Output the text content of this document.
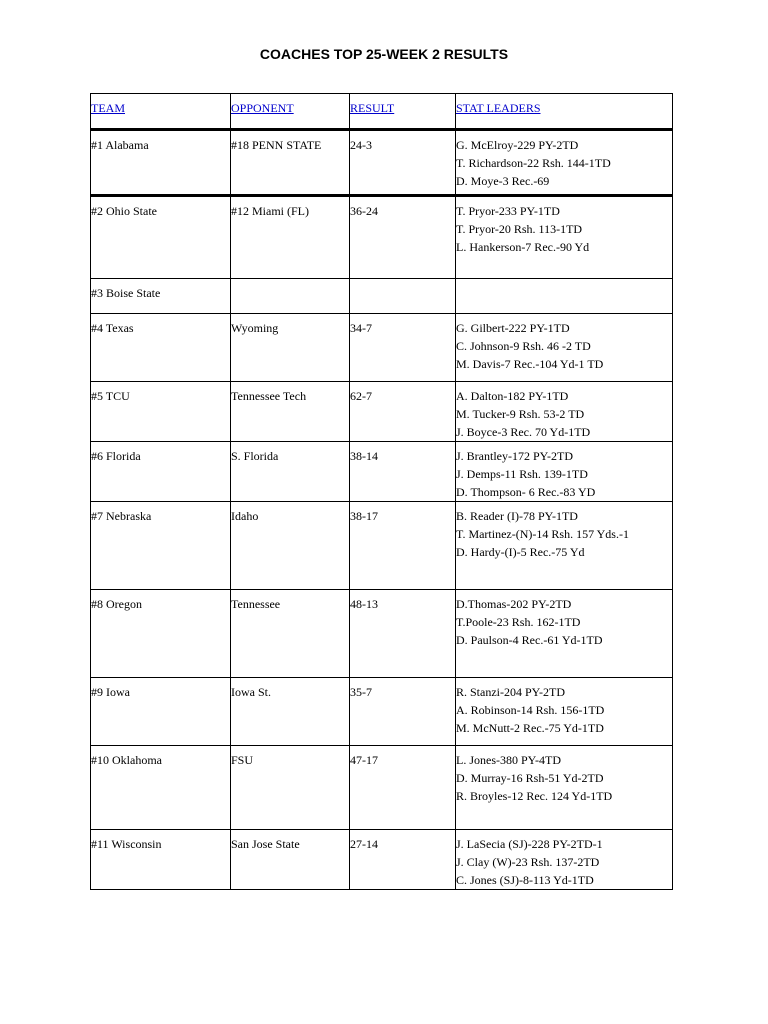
COACHES TOP 25-WEEK 2 RESULTS
TEAM	OPPONENT	RESULT	STAT LEADERS
#1 Alabama	#18 PENN STATE	24-3	G. McElroy-229 PY-2TD
T. Richardson-22 Rsh. 144-1TD
D. Moye-3 Rec.-69

#2 Ohio State	#12 Miami (FL)	36-24	T. Pryor-233 PY-1TD
T. Pryor-20 Rsh. 113-1TD
L. Hankerson-7 Rec.-90 Yd

#3 Boise State			
#4 Texas	Wyoming	34-7	G. Gilbert-222 PY-1TD
C. Johnson-9 Rsh. 46 -2 TD
M. Davis-7 Rec.-104 Yd-1 TD

#5 TCU	Tennessee Tech	62-7	A. Dalton-182 PY-1TD
M. Tucker-9 Rsh. 53-2 TD
J. Boyce-3 Rec. 70 Yd-1TD

#6 Florida	S. Florida	38-14	J. Brantley-172 PY-2TD
J. Demps-11 Rsh. 139-1TD
D. Thompson- 6 Rec.-83 YD

#7 Nebraska	Idaho	38-17	B. Reader (I)-78 PY-1TD
T. Martinez-(N)-14 Rsh. 157 Yds.-1
D. Hardy-(I)-5 Rec.-75 Yd

#8 Oregon	Tennessee	48-13	D.Thomas-202 PY-2TD
T.Poole-23 Rsh. 162-1TD
D. Paulson-4 Rec.-61 Yd-1TD

#9 Iowa	Iowa St.	35-7	R. Stanzi-204 PY-2TD
A. Robinson-14 Rsh. 156-1TD
M. McNutt-2 Rec.-75 Yd-1TD

#10 Oklahoma	FSU	47-17	L. Jones-380 PY-4TD
D. Murray-16 Rsh-51 Yd-2TD
R. Broyles-12 Rec. 124 Yd-1TD

#11 Wisconsin	San Jose State	27-14	J. LaSecia (SJ)-228 PY-2TD-1
J. Clay (W)-23 Rsh. 137-2TD
C. Jones (SJ)-8-113 Yd-1TD
